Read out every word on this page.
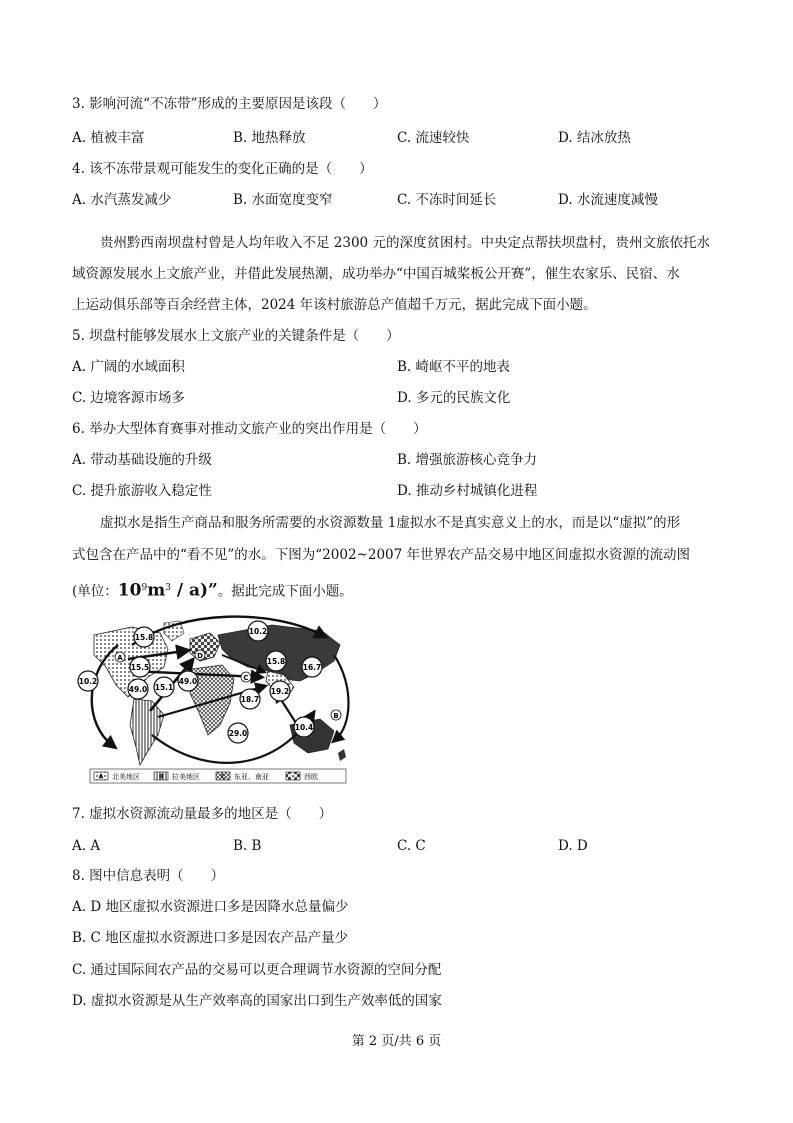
3. 影响河流“不冻带”形成的主要原因是该段（　　）
A. 植被丰富	B. 地热释放	C. 流速较快	D. 结冰放热
4. 该不冻带景观可能发生的变化正确的是（　　）
A. 水汽蒸发减少	B. 水面宽度变窄	C. 不冻时间延长	D. 水流速度减慢
贵州黔西南坝盘村曾是人均年收入不足 2300 元的深度贫困村。中央定点帮扶坝盘村，贵州文旅依托水
域资源发展水上文旅产业，并借此发展热潮，成功举办“中国百城桨板公开赛”，催生农家乐、民宿、水
上运动俱乐部等百余经营主体，2024 年该村旅游总产值超千万元，据此完成下面小题。
5. 坝盘村能够发展水上文旅产业的关键条件是（　　）
A. 广阔的水域面积	B. 崎岖不平的地表
C. 边境客源市场多	D. 多元的民族文化
6. 举办大型体育赛事对推动文旅产业的突出作用是（　　）
A. 带动基础设施的升级	B. 增强旅游核心竞争力
C. 提升旅游收入稳定性	D. 推动乡村城镇化进程
虚拟水是指生产商品和服务所需要的水资源数量 1虚拟水不是真实意义上的水，而是以“虚拟”的形
式包含在产品中的“看不见”的水。下图为“2002~2007 年世界农产品交易中地区间虚拟水资源的流动图
(单位：$10^9m^3 / a$)”。据此完成下面小题。
15.8
10.2
15.5
49.0 15.1
49.0
10.2
15.8
16.7
18.7
19.2
29.0
10.4
A
B
C
D
A 北美地区	B 拉美地区	C 东亚、南亚	D 西欧
7. 虚拟水资源流动量最多的地区是（　　）
A. A	B. B	C. C	D. D
8. 图中信息表明（　　）
A. D 地区虚拟水资源进口多是因降水总量偏少
B. C 地区虚拟水资源进口多是因农产品产量少
C. 通过国际间农产品的交易可以更合理调节水资源的空间分配
D. 虚拟水资源是从生产效率高的国家出口到生产效率低的国家
第 2 页/共 6 页
